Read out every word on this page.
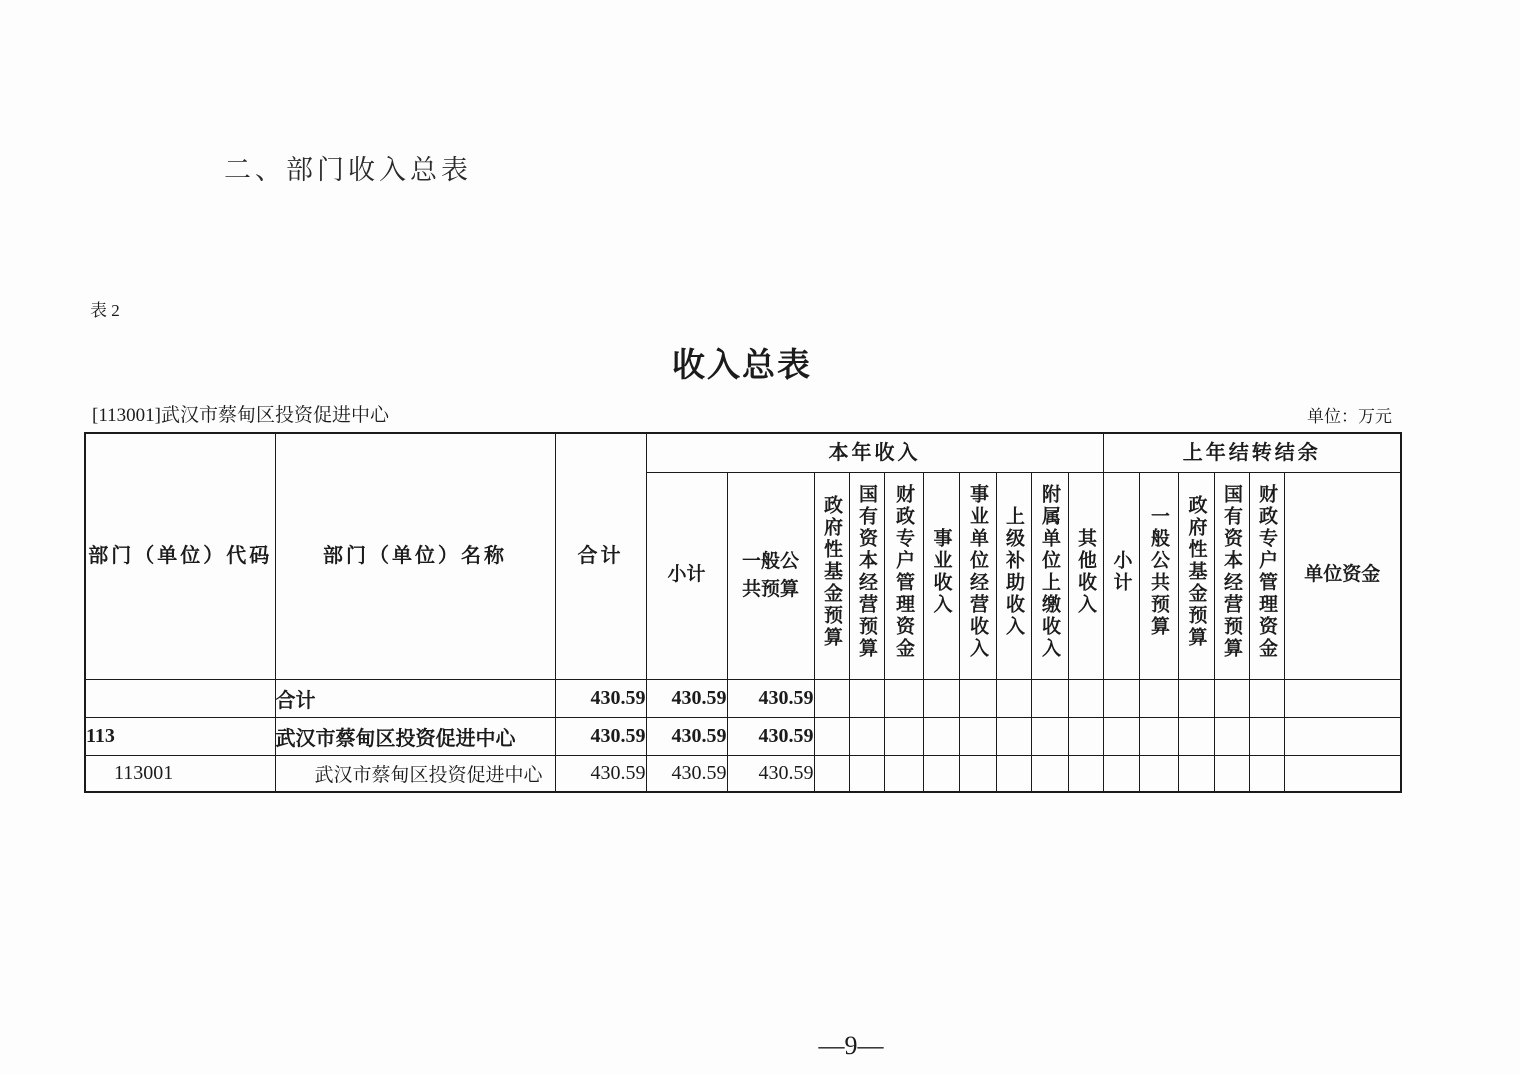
二、部门收入总表
表 2
收入总表
[113001]武汉市蔡甸区投资促进中心	单位：万元
部门（单位）代码	部门（单位）名称	合计	本年收入										上年结转结余					
			小计	一般公共预算	政府性基金预算	国有资本经营预算	财政专户管理资金	事业收入	事业单位经营收入	上级补助收入	附属单位上缴收入	其他收入	小计	一般公共预算	政府性基金预算	国有资本经营预算	财政专户管理资金	单位资金
	合计	430.59	430.59	430.59														
113	武汉市蔡甸区投资促进中心	430.59	430.59	430.59														
113001	武汉市蔡甸区投资促进中心	430.59	430.59	430.59														
—9—
